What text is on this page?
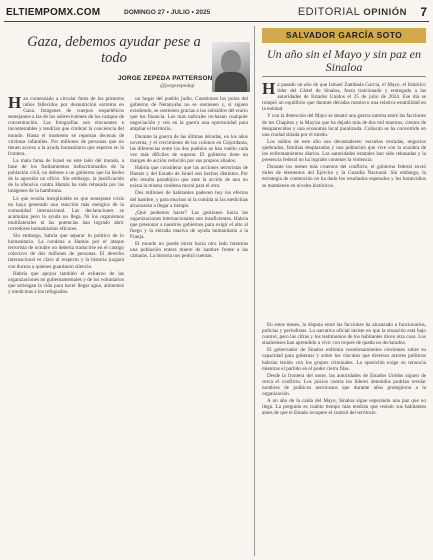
ELTIEMPOMX.COM	DOMINGO 27 • JULIO • 2025	EDITORIAL OPINIÓN 7
Gaza, debemos ayudar pese a todo
JORGE ZEPEDA PATTERSON
@jorgezepedap

Han comenzado a circular fotos de los primeros niños fallecidos por desnutrición extrema en Gaza. Imágenes de cuerpos esqueléticos semejantes a las de los sobrevivientes de los campos de concentración. Las fotografías son elocuentes e incontestables y tendrían que cimbrar la conciencia del mundo. Hasta el momento se reportan decenas de víctimas infantiles. Por millones de personas que no tienen acceso a la ayuda humanitaria que esperan en la frontera.

La mala fama de Israel en este lado del mundo, a base de los fusilamientos indiscriminados de la población civil, no detiene a un gobierno que ha hecho de la agresión un oficio. Sin embargo, la justificación de la ofensiva contra Hamás ha sido rebasada por las imágenes de la hambruna.

Lo que resulta inexplicable es que semejante crisis no haya generado una reacción más enérgica de la comunidad internacional. Las declaraciones se acumulan pero la ayuda no llega. Ni los organismos multilaterales ni las potencias han logrado abrir corredores humanitarios eficaces.

Sin embargo, habría que separar lo político de lo humanitario. La condena a Hamás por el ataque terrorista de octubre no debería traducirse en el castigo colectivo de dos millones de personas. El derecho internacional es claro al respecto y la historia juzgará con dureza a quienes guardaron silencio.

Habría que apoyar también el esfuerzo de las organizaciones no gubernamentales y de los voluntarios que arriesgan la vida para hacer llegar agua, alimentos y medicinas a los refugiados.

un hogar del pueblo judío. Cuestiones los polos del gobierno de Netanyahu no se sostienen y, si siguen existiendo, se sostienen gracias a los subsidios del erario que los financia. Los más radicales rechazan cualquier negociación y ven en la guerra una oportunidad para ampliar el territorio.

Durante la guerra de las últimas décadas, en los años noventa, y el crecimiento de los colonos en Cisjordania, las diferencias entre los dos pueblos se han vuelto cada vez más difíciles de superar. El gobierno tiene un margen de acción reducido por sus propios aliados.

Habría que considerar que las acciones terroristas de Hamás y del Estado de Israel son hechos distintos. Por ello resulta paradójico que ante la acción de uno no exista la misma condena moral para el otro.

Dos millones de habitantes padecen hoy los efectos del hambre, y para muchos ni la comida ni las medicinas alcanzarán a llegar a tiempo.

¿Qué podemos hacer? Las gestiones hacia las organizaciones internacionales son insuficientes. Habría que presionar a nuestros gobiernos para exigir el alto al fuego y la entrada masiva de ayuda humanitaria a la Franja.

El mundo no puede mirar hacia otro lado mientras una población entera muere de hambre frente a las cámaras. La historia nos pedirá cuentas.

SALVADOR GARCÍA SOTO
Un año sin el Mayo y sin paz en Sinaloa

Ha pasado un año de que Ismael Zambada García, el Mayo, el histórico líder del Cártel de Sinaloa, fuera traicionado y entregado a las autoridades de Estados Unidos el 25 de julio de 2024. Ese día se rompió un equilibrio que durante décadas mantuvo una relativa estabilidad en la entidad.

Y con la detención del Mayo se desató una guerra interna entre las facciones de los Chapitos y la Mayiza que ha dejado más de dos mil muertos, cientos de desaparecidos y una economía local paralizada. Culiacán se ha convertido en una ciudad sitiada por el miedo.

Los saldos de este año son devastadores: escuelas cerradas, negocios quebrados, familias desplazadas y una población que vive con la zozobra de los enfrentamientos diarios. Las autoridades estatales han sido rebasadas y la presencia federal no ha logrado contener la violencia.

Durante los meses más cruentos del conflicto, el gobierno federal envió miles de elementos del Ejército y la Guardia Nacional. Sin embargo, la estrategia de contención no ha dado los resultados esperados y los homicidios se mantienen en niveles históricos.

En estos meses, la disputa entre las facciones ha alcanzado a funcionarios, policías y periodistas. La narrativa oficial insiste en que la situación está bajo control, pero las cifras y los testimonios de los habitantes dicen otra cosa. Los sinaloenses han aprendido a vivir con toques de queda no declarados.

El gobernador de Sinaloa enfrenta cuestionamientos crecientes sobre su capacidad para gobernar y sobre los vínculos que diversos actores políticos habrían tenido con los grupos criminales. La oposición exige su renuncia mientras el partido en el poder cierra filas.

Desde la frontera del norte, las autoridades de Estados Unidos siguen de cerca el conflicto. Los juicios contra los líderes detenidos podrían revelar nombres de políticos mexicanos que durante años protegieron a la organización.

A un año de la caída del Mayo, Sinaloa sigue esperando una paz que no llega. La pregunta es cuánto tiempo más tendrán que resistir sus habitantes antes de que el Estado recupere el control del territorio.
